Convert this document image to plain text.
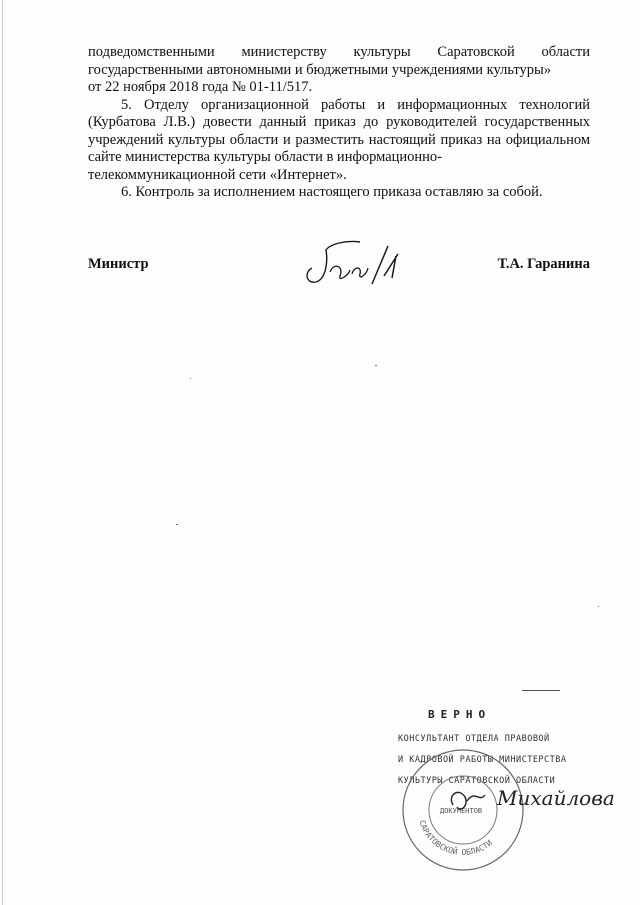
подведомственными министерству культуры Саратовской области государственными автономными и бюджетными учреждениями культуры»

от 22 ноября 2018 года № 01-11/517.

5. Отделу организационной работы и информационных технологий (Курбатова Л.В.) довести данный приказ до руководителей государственных учреждений культуры области и разместить настоящий приказ на официальном сайте министерства культуры области в информационно-

телекоммуникационной сети «Интернет».

6. Контроль за исполнением настоящего приказа оставляю за собой.

Министр	Т.А. Гаранина
ВЕРНО
КОНСУЛЬТАНТ ОТДЕЛА ПРАВОВОЙ
И КАДРОВОЙ РАБОТЫ МИНИСТЕРСТВА
КУЛЬТУРЫ САРАТОВСКОЙ ОБЛАСТИ
САРАТОВСКОЙ ОБЛАСТИ
ДОКУМЕНТОВ
Михайлова
